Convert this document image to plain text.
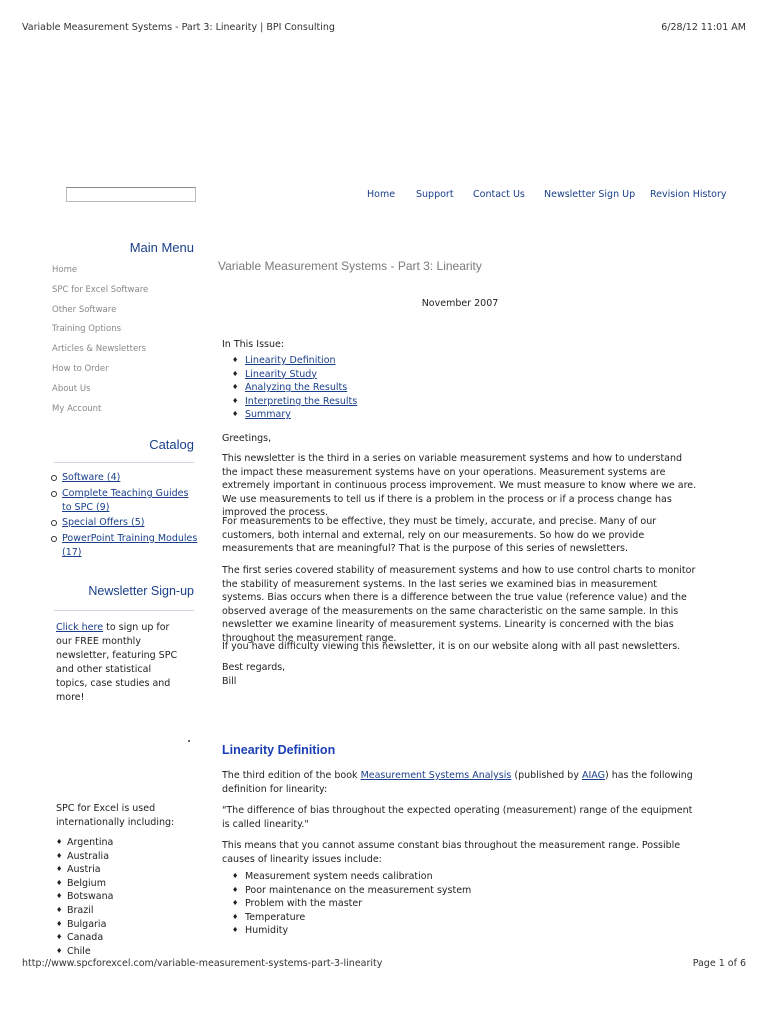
Variable Measurement Systems - Part 3: Linearity | BPI Consulting	6/28/12 11:01 AM
Home Support Contact Us Newsletter Sign Up Revision History
Main Menu
Home
SPC for Excel Software
Other Software
Training Options
Articles & Newsletters
How to Order
About Us
My Account
Catalog
Software (4)
Complete Teaching Guides to SPC (9)
Special Offers (5)
PowerPoint Training Modules (17)
Newsletter Sign-up
Click here to sign up for our FREE monthly newsletter, featuring SPC and other statistical topics, case studies and more!
SPC for Excel is used internationally including:
♦ Argentina
♦ Australia
♦ Austria
♦ Belgium
♦ Botswana
♦ Brazil
♦ Bulgaria
♦ Canada
♦ Chile
Variable Measurement Systems - Part 3: Linearity
November 2007
In This Issue:
♦ Linearity Definition
♦ Linearity Study
♦ Analyzing the Results
♦ Interpreting the Results
♦ Summary
Greetings,
This newsletter is the third in a series on variable measurement systems and how to understand the impact these measurement systems have on your operations. Measurement systems are extremely important in continuous process improvement. We must measure to know where we are. We use measurements to tell us if there is a problem in the process or if a process change has improved the process.
For measurements to be effective, they must be timely, accurate, and precise. Many of our customers, both internal and external, rely on our measurements. So how do we provide measurements that are meaningful? That is the purpose of this series of newsletters.
The first series covered stability of measurement systems and how to use control charts to monitor the stability of measurement systems. In the last series we examined bias in measurement systems. Bias occurs when there is a difference between the true value (reference value) and the observed average of the measurements on the same characteristic on the same sample. In this newsletter we examine linearity of measurement systems. Linearity is concerned with the bias throughout the measurement range.
If you have difficulty viewing this newsletter, it is on our website along with all past newsletters.
Best regards,
Bill
Linearity Definition
The third edition of the book Measurement Systems Analysis (published by AIAG) has the following definition for linearity:
"The difference of bias throughout the expected operating (measurement) range of the equipment is called linearity."
This means that you cannot assume constant bias throughout the measurement range. Possible causes of linearity issues include:
♦ Measurement system needs calibration
♦ Poor maintenance on the measurement system
♦ Problem with the master
♦ Temperature
♦ Humidity
http://www.spcforexcel.com/variable-measurement-systems-part-3-linearity	Page 1 of 6
